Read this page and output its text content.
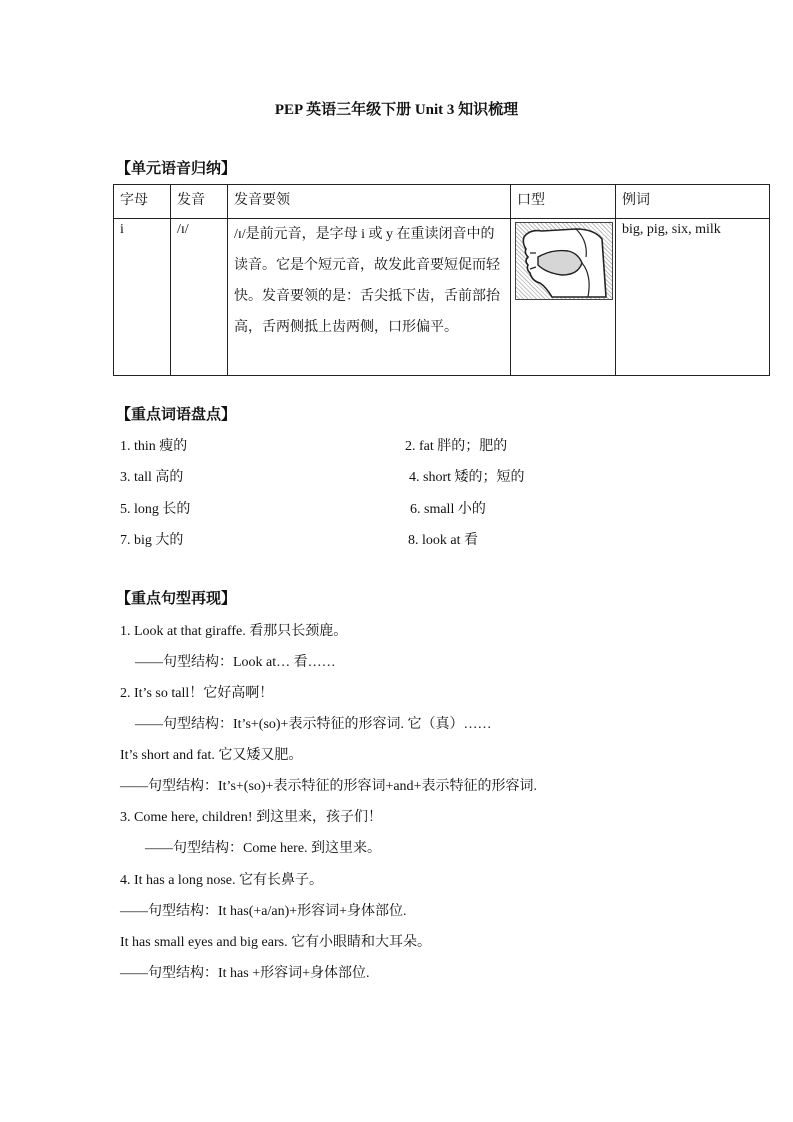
PEP 英语三年级下册 Unit 3 知识梳理
【单元语音归纳】
字母	发音	发音要领	口型	例词
i	/ɪ/	/ɪ/是前元音，是字母 i 或 y 在重读闭音中的读音。它是个短元音，故发此音要短促而轻快。发音要领的是：舌尖抵下齿，舌前部抬高，舌两侧抵上齿两侧，口形偏平。		big, pig, six, milk
【重点词语盘点】
1. thin 瘦的	2. fat 胖的；肥的
3. tall 高的	4. short 矮的；短的
5. long 长的	6. small 小的
7. big 大的	8. look at 看
【重点句型再现】
1. Look at that giraffe. 看那只长颈鹿。
——句型结构：Look at… 看……
2. It’s so tall！它好高啊！
——句型结构：It’s+(so)+表示特征的形容词. 它（真）……
It’s short and fat. 它又矮又肥。
——句型结构：It’s+(so)+表示特征的形容词+and+表示特征的形容词.
3. Come here, children! 到这里来，孩子们！
——句型结构：Come here. 到这里来。
4. It has a long nose. 它有长鼻子。
——句型结构：It has(+a/an)+形容词+身体部位.
It has small eyes and big ears. 它有小眼睛和大耳朵。
——句型结构：It has +形容词+身体部位.
